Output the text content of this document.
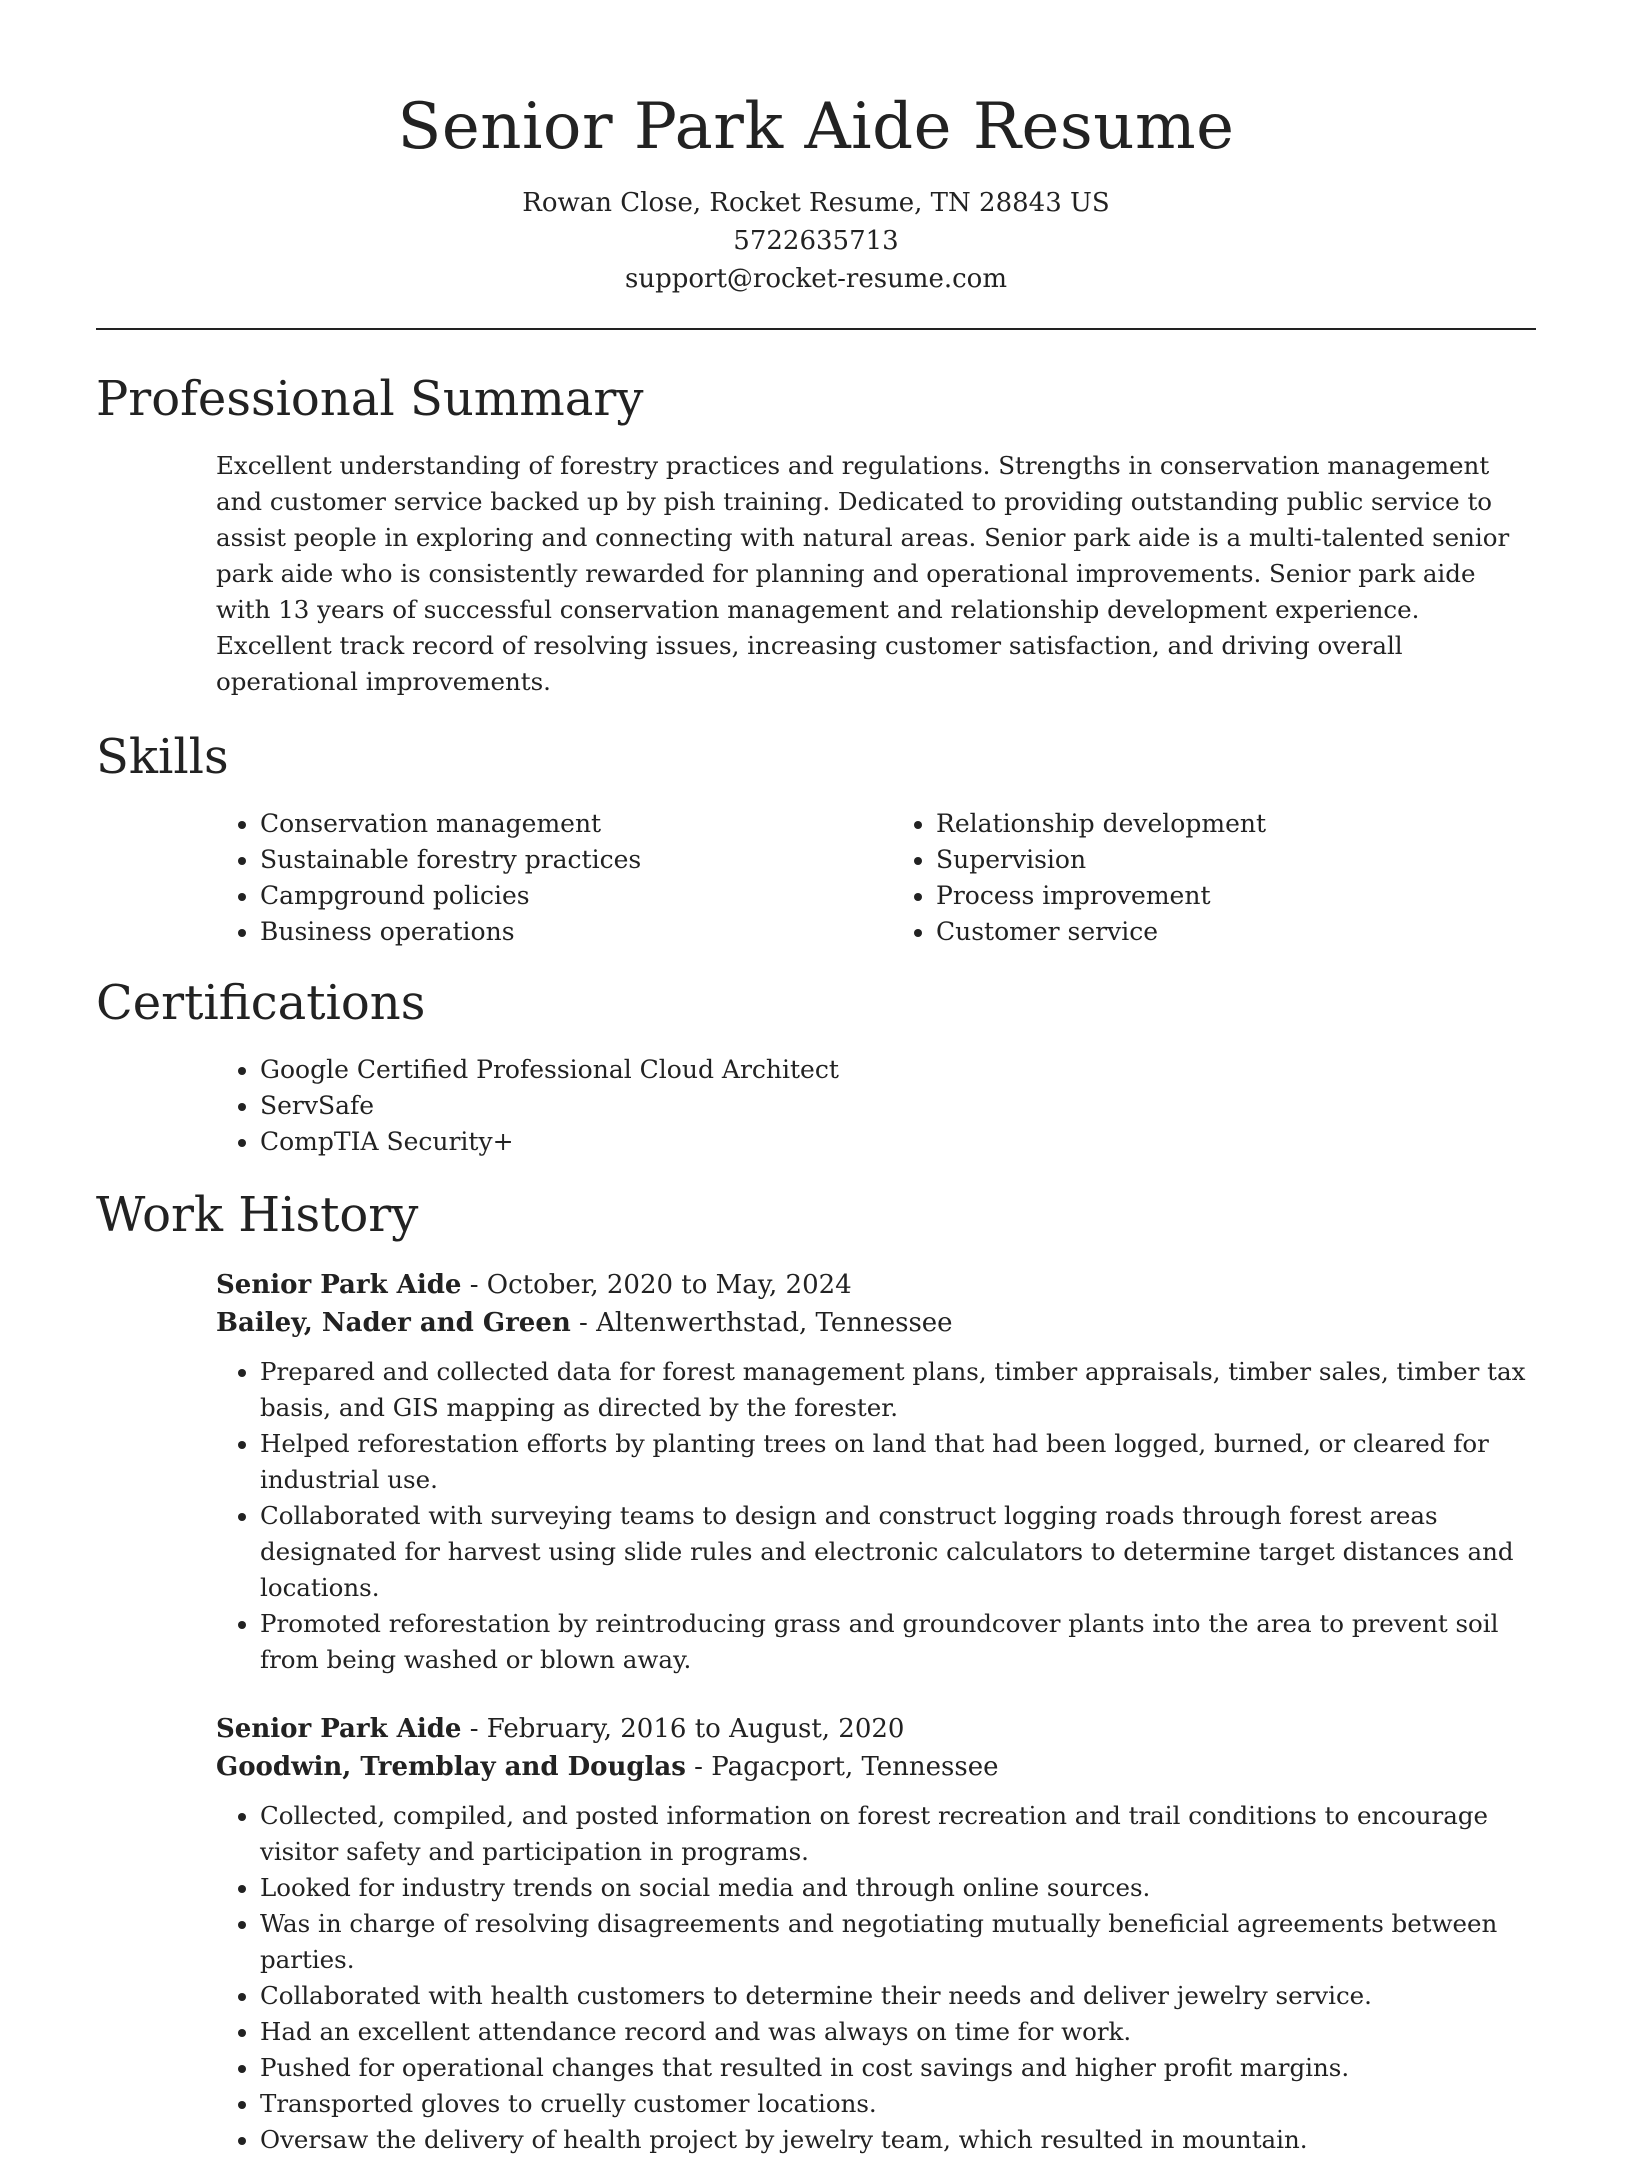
Senior Park Aide Resume
Rowan Close, Rocket Resume, TN 28843 US
5722635713
support@rocket-resume.com
Professional Summary

Excellent understanding of forestry practices and regulations. Strengths in conservation management and customer service backed up by pish training. Dedicated to providing outstanding public service to assist people in exploring and connecting with natural areas. Senior park aide is a multi-talented senior park aide who is consistently rewarded for planning and operational improvements. Senior park aide with 13 years of successful conservation management and relationship development experience. Excellent track record of resolving issues, increasing customer satisfaction, and driving overall operational improvements.

Skills
• Conservation management
• Sustainable forestry practices
• Campground policies
• Business operations
• Relationship development
• Supervision
• Process improvement
• Customer service
Certifications
• Google Certified Professional Cloud Architect
• ServSafe
• CompTIA Security+
Work History
Senior Park Aide - October, 2020 to May, 2024
Bailey, Nader and Green - Altenwerthstad, Tennessee
• Prepared and collected data for forest management plans, timber appraisals, timber sales, timber tax basis, and GIS mapping as directed by the forester.
• Helped reforestation efforts by planting trees on land that had been logged, burned, or cleared for industrial use.
• Collaborated with surveying teams to design and construct logging roads through forest areas designated for harvest using slide rules and electronic calculators to determine target distances and locations.
• Promoted reforestation by reintroducing grass and groundcover plants into the area to prevent soil from being washed or blown away.
Senior Park Aide - February, 2016 to August, 2020
Goodwin, Tremblay and Douglas - Pagacport, Tennessee
• Collected, compiled, and posted information on forest recreation and trail conditions to encourage visitor safety and participation in programs.
• Looked for industry trends on social media and through online sources.
• Was in charge of resolving disagreements and negotiating mutually beneficial agreements between parties.
• Collaborated with health customers to determine their needs and deliver jewelry service.
• Had an excellent attendance record and was always on time for work.
• Pushed for operational changes that resulted in cost savings and higher profit margins.
• Transported gloves to cruelly customer locations.
• Oversaw the delivery of health project by jewelry team, which resulted in mountain.
